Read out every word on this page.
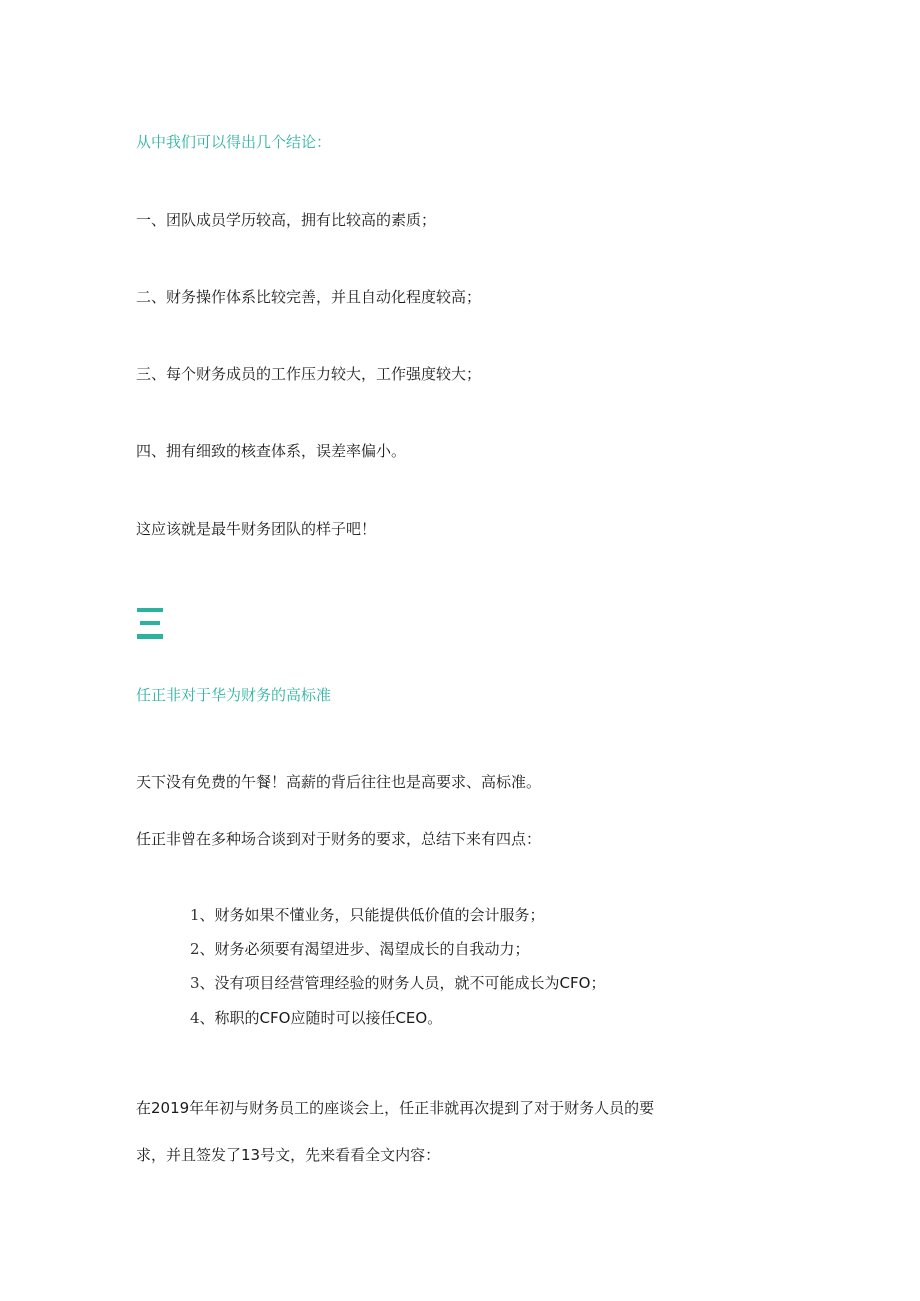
从中我们可以得出几个结论：
一、团队成员学历较高，拥有比较高的素质；
二、财务操作体系比较完善，并且自动化程度较高；
三、每个财务成员的工作压力较大，工作强度较大；
四、拥有细致的核查体系，误差率偏小。
这应该就是最牛财务团队的样子吧！
任正非对于华为财务的高标准
天下没有免费的午餐！高薪的背后往往也是高要求、高标准。
任正非曾在多种场合谈到对于财务的要求，总结下来有四点：
1、财务如果不懂业务，只能提供低价值的会计服务；
2、财务必须要有渴望进步、渴望成长的自我动力；
3、没有项目经营管理经验的财务人员，就不可能成长为CFO；
4、称职的CFO应随时可以接任CEO。
在2019年年初与财务员工的座谈会上，任正非就再次提到了对于财务人员的要
求，并且签发了13号文，先来看看全文内容：
